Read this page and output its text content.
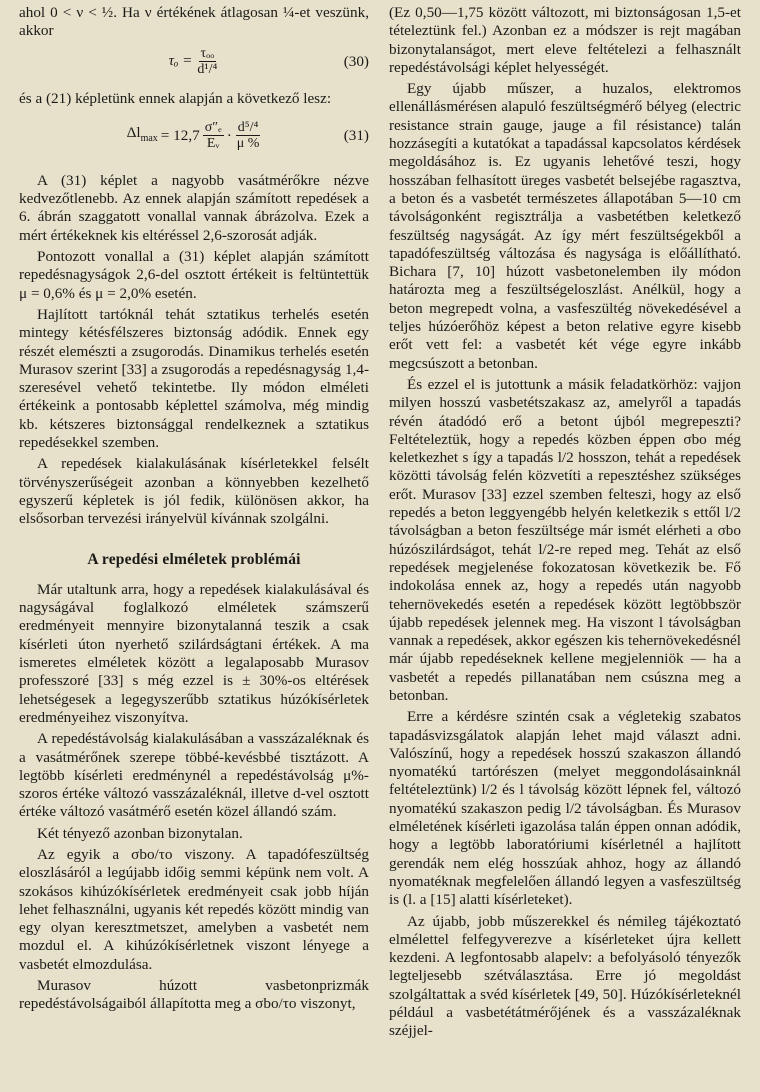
ahol 0 < ν < ½. Ha ν értékének átlagosan ¼-et veszünk, akkor

$\tau_o = \frac{\text{τₒₒ}}{\text{d¹/⁴}}$	(30)

és a (21) képletünk ennek alapján a következő lesz:

$\Delta l_{max} = 12,7 \frac{\text{σ″ₑ}}{\text{Eᵥ}} \cdot \frac{\text{d⁵/⁴}}{\mu \%}$	(31)

A (31) képlet a nagyobb vasátmérőkre nézve kedvezőtlenebb. Az ennek alapján számított repedések a 6. ábrán szaggatott vonallal vannak ábrázolva. Ezek a mért értékeknek kis eltéréssel 2,6-szorosát adják.

Pontozott vonallal a (31) képlet alapján számított repedésnagyságok 2,6-del osztott értékeit is feltüntettük μ = 0,6% és μ = 2,0% esetén.

Hajlított tartóknál tehát sztatikus terhelés esetén mintegy kétésfélszeres biztonság adódik. Ennek egy részét elemészti a zsugorodás. Dinamikus terhelés esetén Murasov szerint [33] a zsugorodás a repedésnagyság 1,4-szeresével vehető tekintetbe. Ily módon elméleti értékeink a pontosabb képlettel számolva, még mindig kb. kétszeres biztonsággal rendelkeznek a sztatikus repedésekkel szemben.

A repedések kialakulásának kísérletekkel felsélt törvényszerűségeit azonban a könnyebben kezelhető egyszerű képletek is jól fedik, különösen akkor, ha elsősorban tervezési irányelvül kívánnak szolgálni.

A repedési elméletek problémái

Már utaltunk arra, hogy a repedések kialakulásával és nagyságával foglalkozó elméletek számszerű eredményeit mennyire bizonytalanná teszik a csak kísérleti úton nyerhető szilárdságtani értékek. A ma ismeretes elméletek között a legalaposabb Murasov professzoré [33] s még ezzel is ± 30%-os eltérések lehetségesek a legegyszerűbb sztatikus húzókísérletek eredményeihez viszonyítva.

A repedéstávolság kialakulásában a vasszázaléknak és a vasátmérőnek szerepe többé-kevésbbé tisztázott. A legtöbb kísérleti eredménynél a repedéstávolság μ%-szoros értéke változó vasszázaléknál, illetve d-vel osztott értéke változó vasátmérő esetén közel állandó szám.

Két tényező azonban bizonytalan.

Az egyik a σbo/τo viszony. A tapadófeszültség eloszlásáról a legújabb időig semmi képünk nem volt. A szokásos kihúzókísérletek eredményeit csak jobb híján lehet felhasználni, ugyanis két repedés között mindig van egy olyan keresztmetszet, amelyben a vasbetét nem mozdul el. A kihúzókísérletnek viszont lényege a vasbetét elmozdulása.

Murasov húzott vasbetonprizmák repedéstávolságaiból állapította meg a σbo/τo viszonyt,

(Ez 0,50—1,75 között változott, mi biztonságosan 1,5-et tételeztünk fel.) Azonban ez a módszer is rejt magában bizonytalanságot, mert eleve feltételezi a felhasznált repedéstávolsági képlet helyességét.

Egy újabb műszer, a huzalos, elektromos ellenállásmérésen alapuló feszültségmérő bélyeg (electric resistance strain gauge, jauge a fil résistance) talán hozzásegíti a kutatókat a tapadással kapcsolatos kérdések megoldásához is. Ez ugyanis lehetővé teszi, hogy hosszában felhasított üreges vasbetét belsejébe ragasztva, a beton és a vasbetét természetes állapotában 5—10 cm távolságonként regisztrálja a vasbetétben keletkező feszültség nagyságát. Az így mért feszültségekből a tapadófeszültség változása és nagysága is előállítható. Bichara [7, 10] húzott vasbetonelemben ily módon határozta meg a feszültségeloszlást. Anélkül, hogy a beton megrepedt volna, a vasfeszültég növekedésével a teljes húzóerőhöz képest a beton relative egyre kisebb erőt vett fel: a vasbetét két vége egyre inkább megcsúszott a betonban.

És ezzel el is jutottunk a másik feladatkörhöz: vajjon milyen hosszú vasbetétszakasz az, amelyről a tapadás révén átadódó erő a betont újból megrepeszti? Feltételeztük, hogy a repedés közben éppen σbo még keletkezhet s így a tapadás l/2 hosszon, tehát a repedések közötti távolság felén közvetíti a repesztéshez szükséges erőt. Murasov [33] ezzel szemben felteszi, hogy az első repedés a beton leggyengébb helyén keletkezik s ettől l/2 távolságban a beton feszültsége már ismét elérheti a σbo húzószilárdságot, tehát l/2-re reped meg. Tehát az első repedések megjelenése fokozatosan következik be. Fő indokolása ennek az, hogy a repedés után nagyobb tehernövekedés esetén a repedések között legtöbbször újabb repedések jelennek meg. Ha viszont l távolságban vannak a repedések, akkor egészen kis tehernövekedésnél már újabb repedéseknek kellene megjelenniök — ha a vasbetét a repedés pillanatában nem csúszna meg a betonban.

Erre a kérdésre szintén csak a végletekig szabatos tapadásvizsgálatok alapján lehet majd választ adni. Valószínű, hogy a repedések hosszú szakaszon állandó nyomatékú tartórészen (melyet meggondolásainknál feltételeztünk) l/2 és l távolság között lépnek fel, változó nyomatékú szakaszon pedig l/2 távolságban. És Murasov elméletének kísérleti igazolása talán éppen onnan adódik, hogy a legtöbb laboratóriumi kísérletnél a hajlított gerendák nem elég hosszúak ahhoz, hogy az állandó nyomatéknak megfelelően állandó legyen a vasfeszültség is (l. a [15] alatti kísérleteket).

Az újabb, jobb műszerekkel és némileg tájékoztató elmélettel felfegyverezve a kísérleteket újra kellett kezdeni. A legfontosabb alapelv: a befolyásoló tényezők legteljesebb szétválasztása. Erre jó megoldást szolgáltattak a svéd kísérletek [49, 50]. Húzókísérleteknél például a vasbetétátmérőjének és a vasszázaléknak széjjel-
